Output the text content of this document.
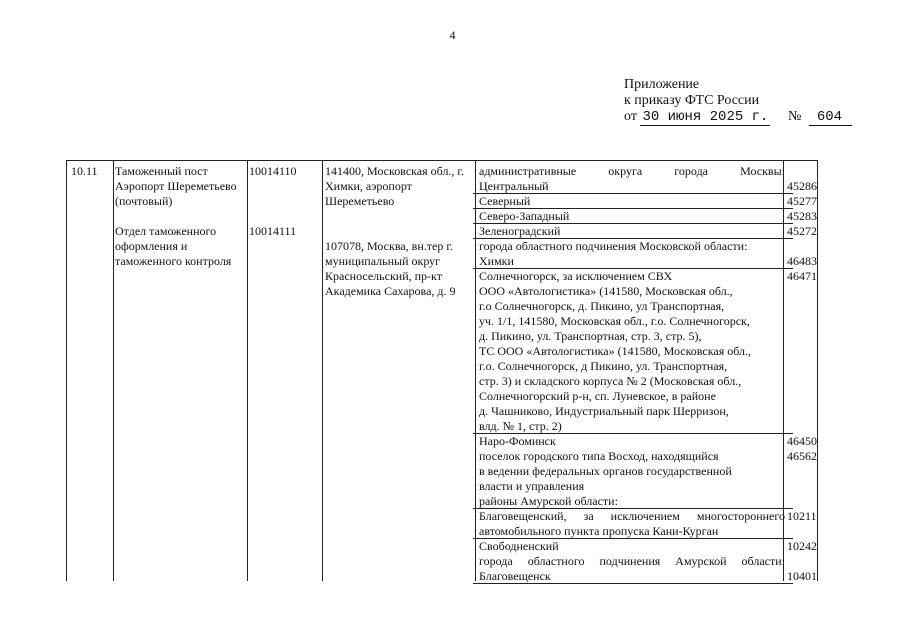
4
Приложение
к приказу ФТС России
от 30 июня 2025 г. № 604
10.11	Таможенный пост Аэропорт Шереметьево (почтовый)
Отдел таможенного оформления и таможенного контроля
10014110
10014111
141400, Московская обл., г. Химки, аэропорт Шереметьево
107078, Москва, вн.тер г. муниципальный округ Красносельский, пр-кт Академика Сахарова, д. 9
административные округа города Москвы:
Центральный
Северный
Северо-Западный
Зеленоградский
города областного подчинения Московской области:
Химки
Солнечногорск, за исключением СВХ
ООО «Автологистика» (141580, Московская обл.,
г.о Солнечногорск, д. Пикино, ул Транспортная,
уч. 1/1, 141580, Московская обл., г.о. Солнечногорск,
д. Пикино, ул. Транспортная, стр. 3, стр. 5),
ТС ООО «Автологистика» (141580, Московская обл.,
г.о. Солнечногорск, д Пикино, ул. Транспортная,
стр. 3) и складского корпуса № 2 (Московская обл.,
Солнечногорский р-н, сп. Луневское, в районе
д. Чашниково, Индустриальный парк Шерризон,
влд. № 1, стр. 2)
Наро-Фоминск
поселок городского типа Восход, находящийся
в ведении федеральных органов государственной
власти и управления
районы Амурской области:
Благовещенский, за исключением многостороннего
автомобильного пункта пропуска Кани-Курган
Свободненский
города областного подчинения Амурской области:
Благовещенск
45286
45277
45283
45272
46483
46471
46450
46562
10211
10242
10401
